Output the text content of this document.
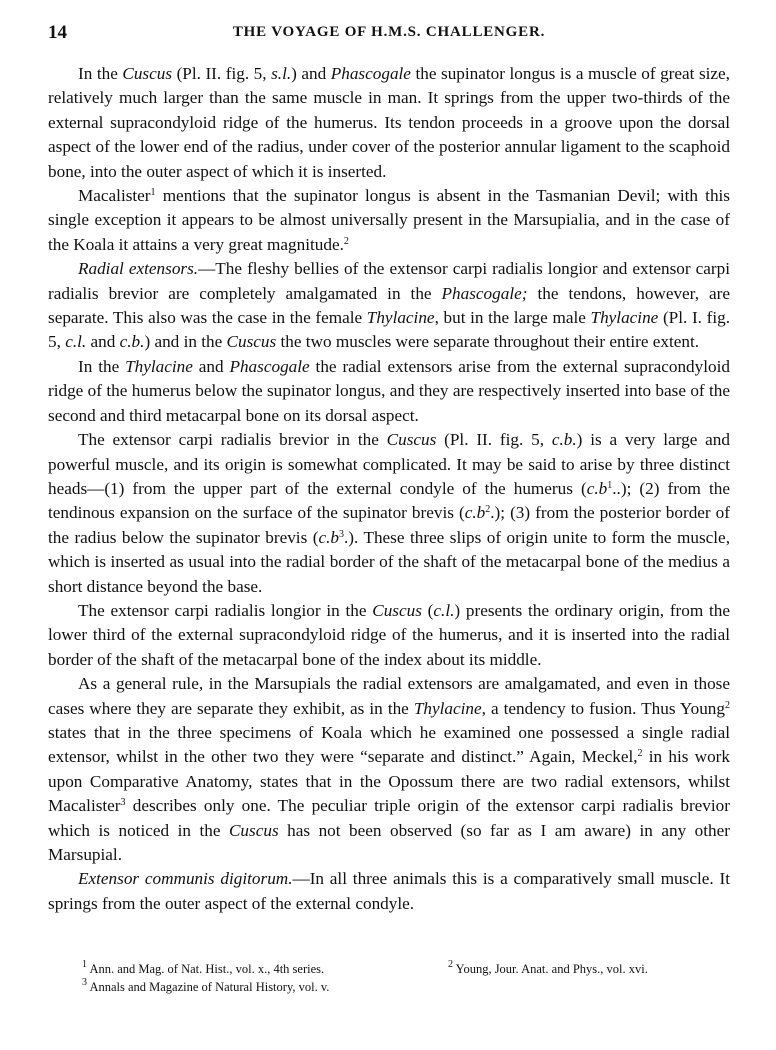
14	THE VOYAGE OF H.M.S. CHALLENGER.

In the Cuscus (Pl. II. fig. 5, s.l.) and Phascogale the supinator longus is a muscle of great size, relatively much larger than the same muscle in man. It springs from the upper two-thirds of the external supracondyloid ridge of the humerus. Its tendon proceeds in a groove upon the dorsal aspect of the lower end of the radius, under cover of the posterior annular ligament to the scaphoid bone, into the outer aspect of which it is inserted.

Macalister$^1$ mentions that the supinator longus is absent in the Tasmanian Devil; with this single exception it appears to be almost universally present in the Marsupialia, and in the case of the Koala it attains a very great magnitude.$^2$

Radial extensors.—The fleshy bellies of the extensor carpi radialis longior and extensor carpi radialis brevior are completely amalgamated in the Phascogale; the tendons, however, are separate. This also was the case in the female Thylacine, but in the large male Thylacine (Pl. I. fig. 5, c.l. and c.b.) and in the Cuscus the two muscles were separate throughout their entire extent.

In the Thylacine and Phascogale the radial extensors arise from the external supracondyloid ridge of the humerus below the supinator longus, and they are respectively inserted into base of the second and third metacarpal bone on its dorsal aspect.

The extensor carpi radialis brevior in the Cuscus (Pl. II. fig. 5, c.b.) is a very large and powerful muscle, and its origin is somewhat complicated. It may be said to arise by three distinct heads—(1) from the upper part of the external condyle of the humerus $(c.b^1..)$; (2) from the tendinous expansion on the surface of the supinator brevis $(c.b^2.)$; (3) from the posterior border of the radius below the supinator brevis $(c.b^3.)$. These three slips of origin unite to form the muscle, which is inserted as usual into the radial border of the shaft of the metacarpal bone of the medius a short distance beyond the base.

The extensor carpi radialis longior in the Cuscus (c.l.) presents the ordinary origin, from the lower third of the external supracondyloid ridge of the humerus, and it is inserted into the radial border of the shaft of the metacarpal bone of the index about its middle.

As a general rule, in the Marsupials the radial extensors are amalgamated, and even in those cases where they are separate they exhibit, as in the Thylacine, a tendency to fusion. Thus Young$^2$ states that in the three specimens of Koala which he examined one possessed a single radial extensor, whilst in the other two they were “separate and distinct.” Again, Meckel,$^2$ in his work upon Comparative Anatomy, states that in the Opossum there are two radial extensors, whilst Macalister$^3$ describes only one. The peculiar triple origin of the extensor carpi radialis brevior which is noticed in the Cuscus has not been observed (so far as I am aware) in any other Marsupial.

Extensor communis digitorum.—In all three animals this is a comparatively small muscle. It springs from the outer aspect of the external condyle.

$^1$ Ann. and Mag. of Nat. Hist., vol. x., 4th series.	$^2$ Young, Jour. Anat. and Phys., vol. xvi.
$^3$ Annals and Magazine of Natural History, vol. v.
